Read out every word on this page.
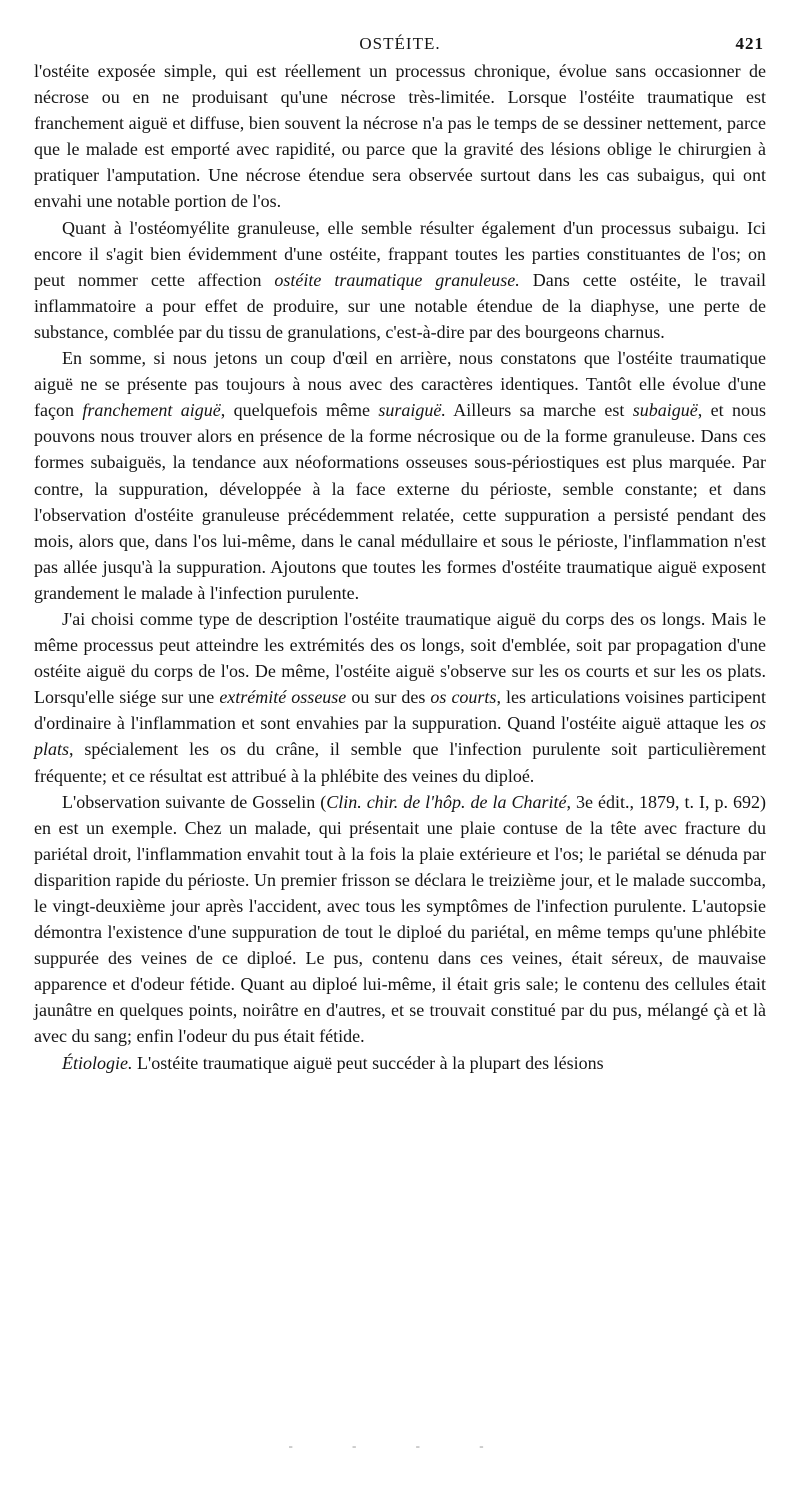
OSTÉITE.	421

l'ostéite exposée simple, qui est réellement un processus chronique, évolue sans occasionner de nécrose ou en ne produisant qu'une nécrose très-limitée. Lorsque l'ostéite traumatique est franchement aiguë et diffuse, bien souvent la nécrose n'a pas le temps de se dessiner nettement, parce que le malade est emporté avec rapidité, ou parce que la gravité des lésions oblige le chirurgien à pratiquer l'amputation. Une nécrose étendue sera observée surtout dans les cas subaigus, qui ont envahi une notable portion de l'os.

Quant à l'ostéomyélite granuleuse, elle semble résulter également d'un processus subaigu. Ici encore il s'agit bien évidemment d'une ostéite, frappant toutes les parties constituantes de l'os; on peut nommer cette affection ostéite traumatique granuleuse. Dans cette ostéite, le travail inflammatoire a pour effet de produire, sur une notable étendue de la diaphyse, une perte de substance, comblée par du tissu de granulations, c'est-à-dire par des bourgeons charnus.

En somme, si nous jetons un coup d'œil en arrière, nous constatons que l'ostéite traumatique aiguë ne se présente pas toujours à nous avec des caractères identiques. Tantôt elle évolue d'une façon franchement aiguë, quelquefois même suraiguë. Ailleurs sa marche est subaiguë, et nous pouvons nous trouver alors en présence de la forme nécrosique ou de la forme granuleuse. Dans ces formes subaiguës, la tendance aux néoformations osseuses sous-périostiques est plus marquée. Par contre, la suppuration, développée à la face externe du périoste, semble constante; et dans l'observation d'ostéite granuleuse précédemment relatée, cette suppuration a persisté pendant des mois, alors que, dans l'os lui-même, dans le canal médullaire et sous le périoste, l'inflammation n'est pas allée jusqu'à la suppuration. Ajoutons que toutes les formes d'ostéite traumatique aiguë exposent grandement le malade à l'infection purulente.

J'ai choisi comme type de description l'ostéite traumatique aiguë du corps des os longs. Mais le même processus peut atteindre les extrémités des os longs, soit d'emblée, soit par propagation d'une ostéite aiguë du corps de l'os. De même, l'ostéite aiguë s'observe sur les os courts et sur les os plats. Lorsqu'elle siége sur une extrémité osseuse ou sur des os courts, les articulations voisines participent d'ordinaire à l'inflammation et sont envahies par la suppuration. Quand l'ostéite aiguë attaque les os plats, spécialement les os du crâne, il semble que l'infection purulente soit particulièrement fréquente; et ce résultat est attribué à la phlébite des veines du diploé.

L'observation suivante de Gosselin (Clin. chir. de l'hôp. de la Charité, 3e édit., 1879, t. I, p. 692) en est un exemple. Chez un malade, qui présentait une plaie contuse de la tête avec fracture du pariétal droit, l'inflammation envahit tout à la fois la plaie extérieure et l'os; le pariétal se dénuda par disparition rapide du périoste. Un premier frisson se déclara le treizième jour, et le malade succomba, le vingt-deuxième jour après l'accident, avec tous les symptômes de l'infection purulente. L'autopsie démontra l'existence d'une suppuration de tout le diploé du pariétal, en même temps qu'une phlébite suppurée des veines de ce diploé. Le pus, contenu dans ces veines, était séreux, de mauvaise apparence et d'odeur fétide. Quant au diploé lui-même, il était gris sale; le contenu des cellules était jaunâtre en quelques points, noirâtre en d'autres, et se trouvait constitué par du pus, mélangé çà et là avec du sang; enfin l'odeur du pus était fétide.

Étiologie. L'ostéite traumatique aiguë peut succéder à la plupart des lésions

- - - -
